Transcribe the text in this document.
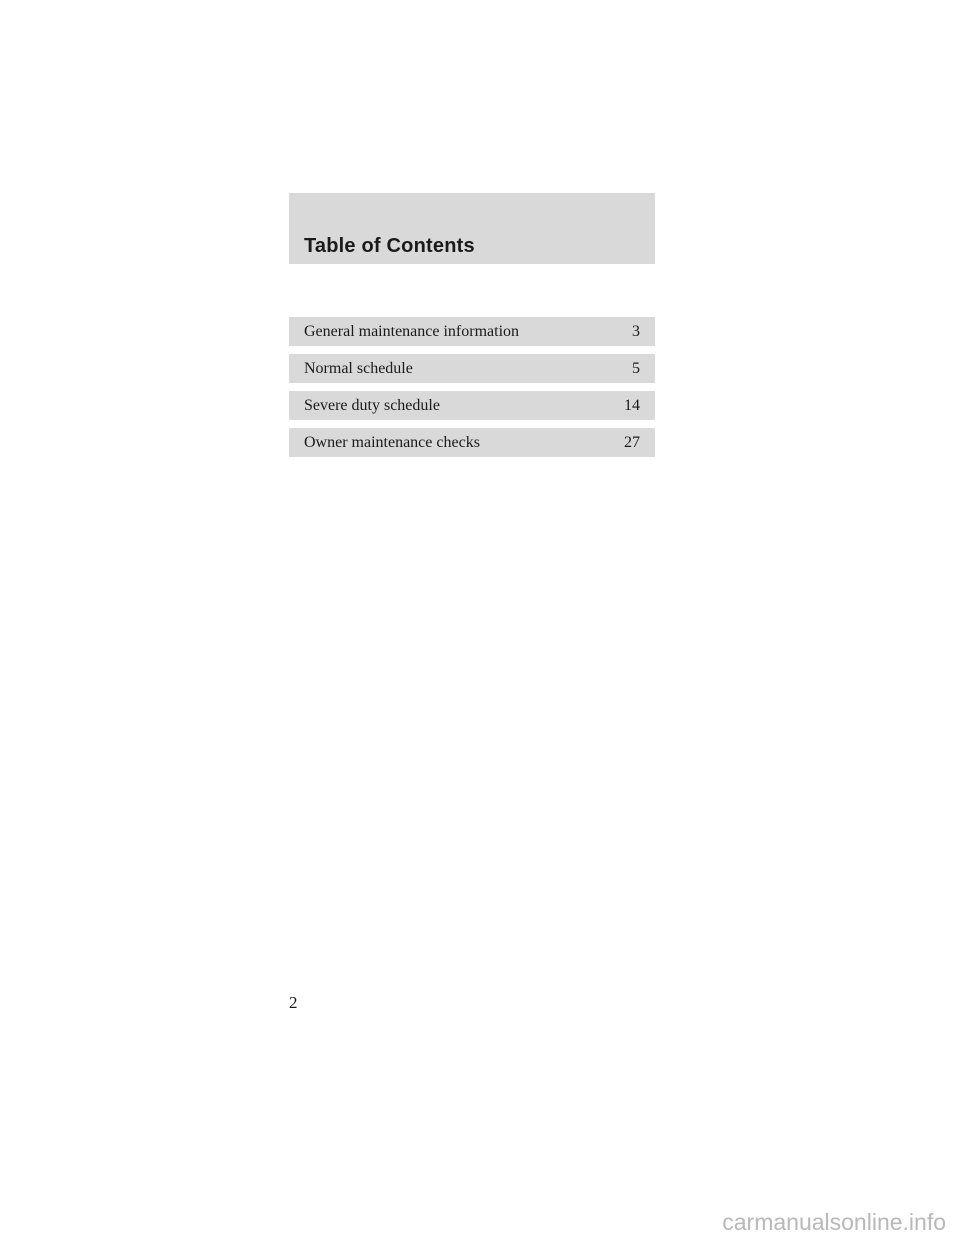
Table of Contents
General maintenance information	3
Normal schedule	5
Severe duty schedule	14
Owner maintenance checks	27
2
carmanualsonline.info
